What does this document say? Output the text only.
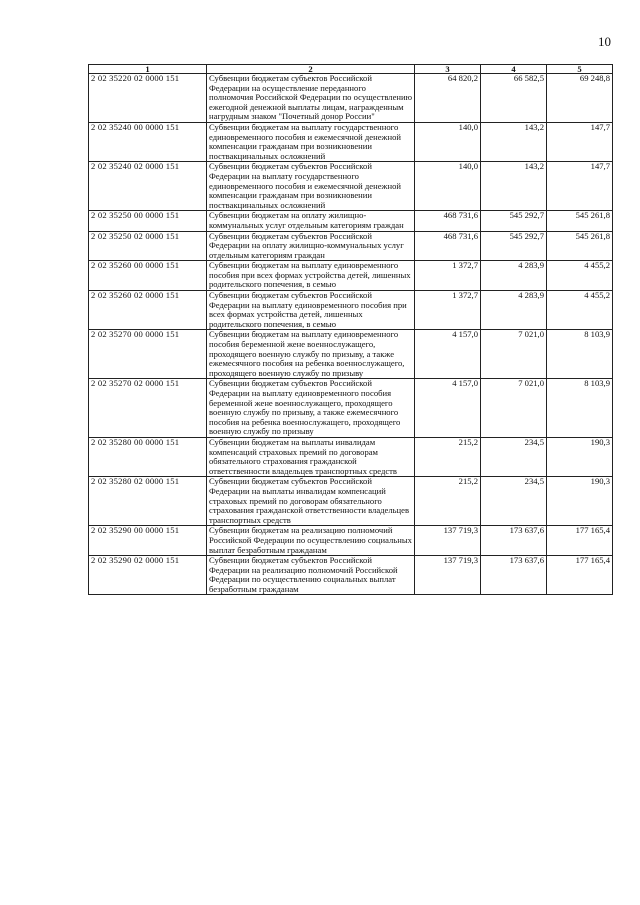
10
1	2	3	4	5
2 02 35220 02 0000 151	Субвенции бюджетам субъектов Российской Федерации на осуществление переданного полномочия Российской Федерации по осуществлению ежегодной денежной выплаты лицам, награжденным нагрудным знаком "Почетный донор России"	64 820,2	66 582,5	69 248,8
2 02 35240 00 0000 151	Субвенции бюджетам на выплату государственного единовременного пособия и ежемесячной денежной компенсации гражданам при возникновении поствакцинальных осложнений	140,0	143,2	147,7
2 02 35240 02 0000 151	Субвенции бюджетам субъектов Российской Федерации на выплату государственного единовременного пособия и ежемесячной денежной компенсации гражданам при возникновении поствакцинальных осложнений	140,0	143,2	147,7
2 02 35250 00 0000 151	Субвенции бюджетам на оплату жилищно-коммунальных услуг отдельным категориям граждан	468 731,6	545 292,7	545 261,8
2 02 35250 02 0000 151	Субвенции бюджетам субъектов Российской Федерации на оплату жилищно-коммунальных услуг отдельным категориям граждан	468 731,6	545 292,7	545 261,8
2 02 35260 00 0000 151	Субвенции бюджетам на выплату единовременного пособия при всех формах устройства детей, лишенных родительского попечения, в семью	1 372,7	4 283,9	4 455,2
2 02 35260 02 0000 151	Субвенции бюджетам субъектов Российской Федерации на выплату единовременного пособия при всех формах устройства детей, лишенных родительского попечения, в семью	1 372,7	4 283,9	4 455,2
2 02 35270 00 0000 151	Субвенции бюджетам на выплату единовременного пособия беременной жене военнослужащего, проходящего военную службу по призыву, а также ежемесячного пособия на ребенка военнослужащего, проходящего военную службу по призыву	4 157,0	7 021,0	8 103,9
2 02 35270 02 0000 151	Субвенции бюджетам субъектов Российской Федерации на выплату единовременного пособия беременной жене военнослужащего, проходящего военную службу по призыву, а также ежемесячного пособия на ребенка военнослужащего, проходящего военную службу по призыву	4 157,0	7 021,0	8 103,9
2 02 35280 00 0000 151	Субвенции бюджетам на выплаты инвалидам компенсаций страховых премий по договорам обязательного страхования гражданской ответственности владельцев транспортных средств	215,2	234,5	190,3
2 02 35280 02 0000 151	Субвенции бюджетам субъектов Российской Федерации на выплаты инвалидам компенсаций страховых премий по договорам обязательного страхования гражданской ответственности владельцев транспортных средств	215,2	234,5	190,3
2 02 35290 00 0000 151	Субвенции бюджетам на реализацию полномочий Российской Федерации по осуществлению социальных выплат безработным гражданам	137 719,3	173 637,6	177 165,4
2 02 35290 02 0000 151	Субвенции бюджетам субъектов Российской Федерации на реализацию полномочий Российской Федерации по осуществлению социальных выплат безработным гражданам	137 719,3	173 637,6	177 165,4
